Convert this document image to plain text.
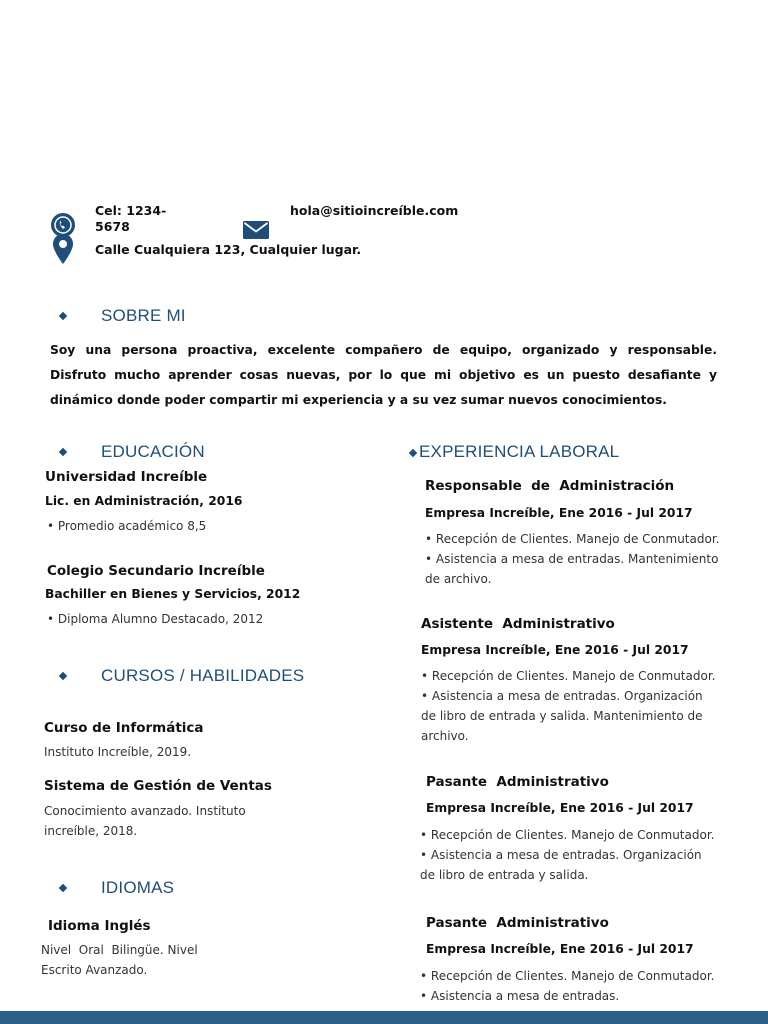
Cel: 1234-5678
hola@sitioincreíble.com
Calle Cualquiera 123, Cualquier lugar.
SOBRE MI
Soy una persona proactiva, excelente compañero de equipo, organizado y responsable. Disfruto mucho aprender cosas nuevas, por lo que mi objetivo es un puesto desafiante y dinámico donde poder compartir mi experiencia y a su vez sumar nuevos conocimientos.
EDUCACIÓN
Universidad Increíble
Lic. en Administración, 2016
• Promedio académico 8,5
Colegio Secundario Increíble
Bachiller en Bienes y Servicios, 2012
• Diploma Alumno Destacado, 2012
CURSOS / HABILIDADES
Curso de Informática
Instituto Increíble, 2019.
Sistema de Gestión de Ventas
Conocimiento avanzado. Instituto increíble, 2018.
IDIOMAS
Idioma Inglés
Nivel  Oral  Bilingüe. Nivel Escrito Avanzado.
EXPERIENCIA LABORAL
Responsable  de  Administración
Empresa Increíble, Ene 2016 - Jul 2017
• Recepción de Clientes. Manejo de Conmutador.
• Asistencia a mesa de entradas. Mantenimiento de archivo.
Asistente  Administrativo
Empresa Increíble, Ene 2016 - Jul 2017
• Recepción de Clientes. Manejo de Conmutador.
• Asistencia a mesa de entradas. Organización de libro de entrada y salida. Mantenimiento de archivo.
Pasante  Administrativo
Empresa Increíble, Ene 2016 - Jul 2017
• Recepción de Clientes. Manejo de Conmutador.
• Asistencia a mesa de entradas. Organización de libro de entrada y salida.
Pasante  Administrativo
Empresa Increíble, Ene 2016 - Jul 2017
• Recepción de Clientes. Manejo de Conmutador.
• Asistencia a mesa de entradas.
